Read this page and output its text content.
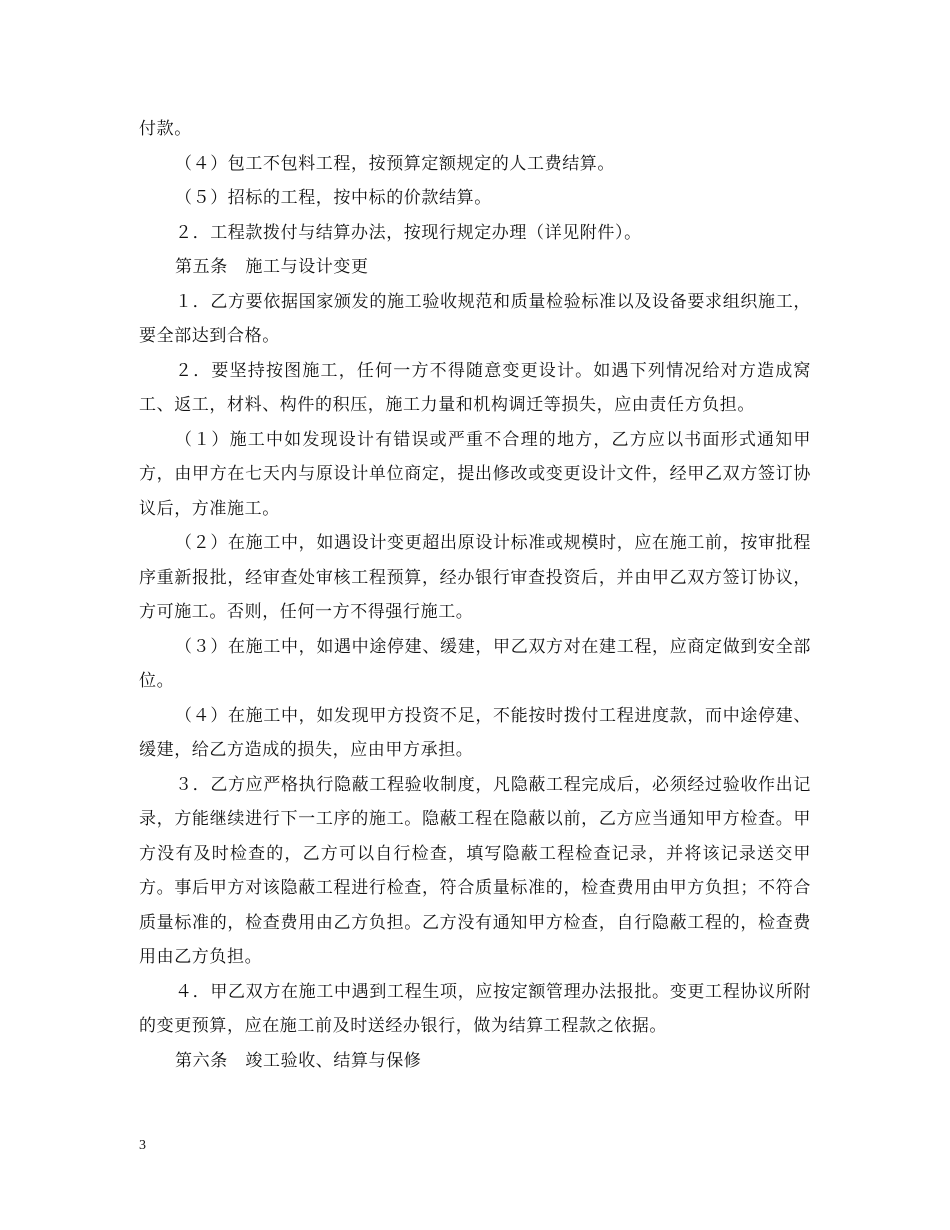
付款。

（４）包工不包料工程，按预算定额规定的人工费结算。

（５）招标的工程，按中标的价款结算。

２．工程款拨付与结算办法，按现行规定办理（详见附件）。

第五条　施工与设计变更

１．乙方要依据国家颁发的施工验收规范和质量检验标准以及设备要求组织施工，要全部达到合格。

２．要坚持按图施工，任何一方不得随意变更设计。如遇下列情况给对方造成窝工、返工，材料、构件的积压，施工力量和机构调迁等损失，应由责任方负担。

（１）施工中如发现设计有错误或严重不合理的地方，乙方应以书面形式通知甲方，由甲方在七天内与原设计单位商定，提出修改或变更设计文件，经甲乙双方签订协议后，方准施工。

（２）在施工中，如遇设计变更超出原设计标准或规模时，应在施工前，按审批程序重新报批，经审查处审核工程预算，经办银行审查投资后，并由甲乙双方签订协议，方可施工。否则，任何一方不得强行施工。

（３）在施工中，如遇中途停建、缓建，甲乙双方对在建工程，应商定做到安全部位。

（４）在施工中，如发现甲方投资不足，不能按时拨付工程进度款，而中途停建、缓建，给乙方造成的损失，应由甲方承担。

３．乙方应严格执行隐蔽工程验收制度，凡隐蔽工程完成后，必须经过验收作出记录，方能继续进行下一工序的施工。隐蔽工程在隐蔽以前，乙方应当通知甲方检查。甲方没有及时检查的，乙方可以自行检查，填写隐蔽工程检查记录，并将该记录送交甲方。事后甲方对该隐蔽工程进行检查，符合质量标准的，检查费用由甲方负担；不符合质量标准的，检查费用由乙方负担。乙方没有通知甲方检查，自行隐蔽工程的，检查费用由乙方负担。

４．甲乙双方在施工中遇到工程生项，应按定额管理办法报批。变更工程协议所附的变更预算，应在施工前及时送经办银行，做为结算工程款之依据。

第六条　竣工验收、结算与保修

3
